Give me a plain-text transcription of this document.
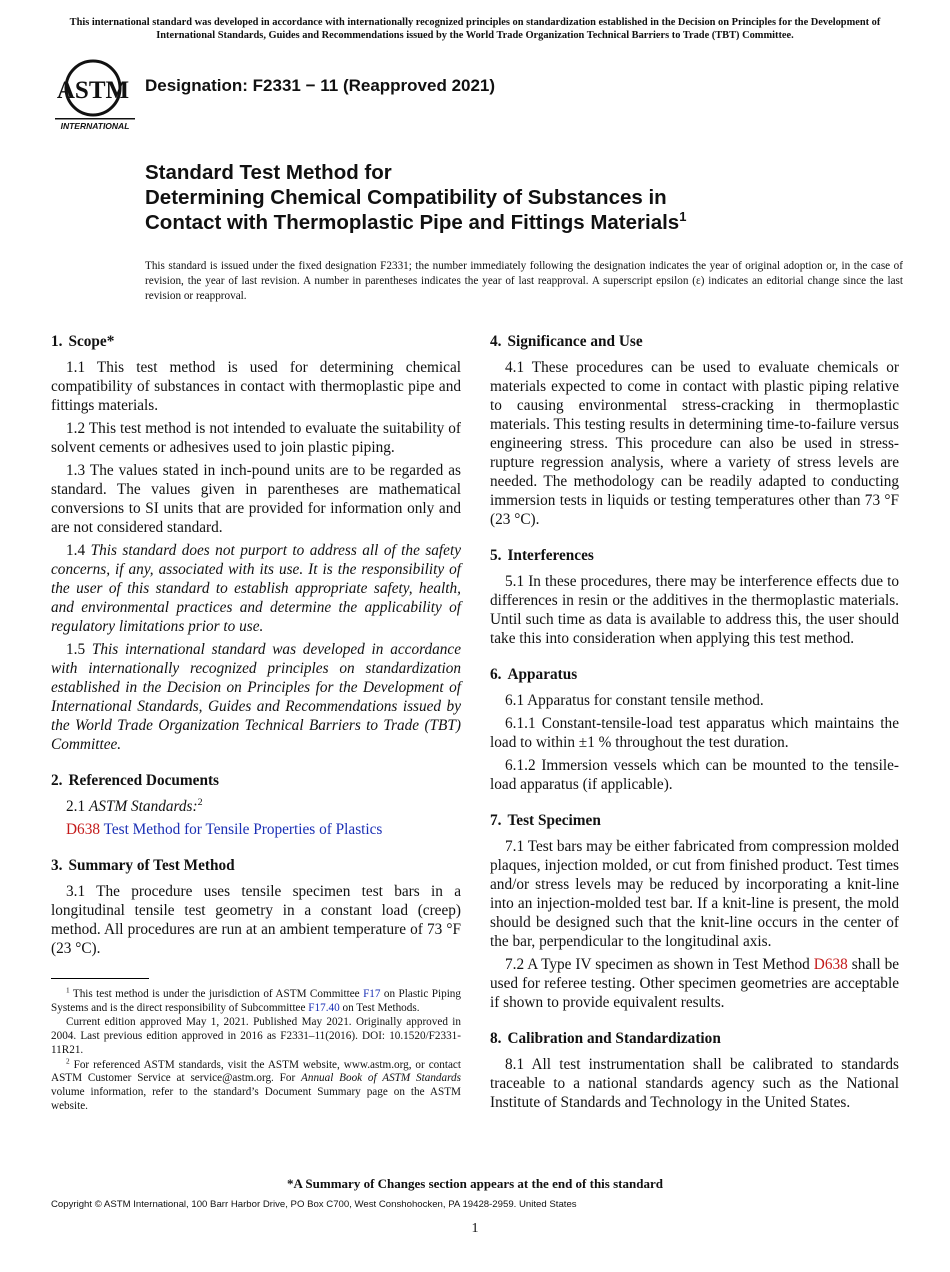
This international standard was developed in accordance with internationally recognized principles on standardization established in the Decision on Principles for the Development of International Standards, Guides and Recommendations issued by the World Trade Organization Technical Barriers to Trade (TBT) Committee.
ASTM
INTERNATIONAL
Designation: F2331 − 11 (Reapproved 2021)
Standard Test Method for
Determining Chemical Compatibility of Substances in
Contact with Thermoplastic Pipe and Fittings Materials$^1$
This standard is issued under the fixed designation F2331; the number immediately following the designation indicates the year of original adoption or, in the case of revision, the year of last revision. A number in parentheses indicates the year of last reapproval. A superscript epsilon (ε) indicates an editorial change since the last revision or reapproval.
1. Scope*

1.1 This test method is used for determining chemical compatibility of substances in contact with thermoplastic pipe and fittings materials.

1.2 This test method is not intended to evaluate the suitability of solvent cements or adhesives used to join plastic piping.

1.3 The values stated in inch-pound units are to be regarded as standard. The values given in parentheses are mathematical conversions to SI units that are provided for information only and are not considered standard.

1.4 This standard does not purport to address all of the safety concerns, if any, associated with its use. It is the responsibility of the user of this standard to establish appropriate safety, health, and environmental practices and determine the applicability of regulatory limitations prior to use.

1.5 This international standard was developed in accordance with internationally recognized principles on standardization established in the Decision on Principles for the Development of International Standards, Guides and Recommendations issued by the World Trade Organization Technical Barriers to Trade (TBT) Committee.

2. Referenced Documents

2.1 ASTM Standards:$^2$

D638 Test Method for Tensile Properties of Plastics

3. Summary of Test Method

3.1 The procedure uses tensile specimen test bars in a longitudinal tensile test geometry in a constant load (creep) method. All procedures are run at an ambient temperature of 73 °F (23 °C).

$^1$ This test method is under the jurisdiction of ASTM Committee F17 on Plastic Piping Systems and is the direct responsibility of Subcommittee F17.40 on Test Methods.

Current edition approved May 1, 2021. Published May 2021. Originally approved in 2004. Last previous edition approved in 2016 as F2331–11(2016). DOI: 10.1520/F2331-11R21.

$^2$ For referenced ASTM standards, visit the ASTM website, www.astm.org, or contact ASTM Customer Service at service@astm.org. For Annual Book of ASTM Standards volume information, refer to the standard’s Document Summary page on the ASTM website.

4. Significance and Use

4.1 These procedures can be used to evaluate chemicals or materials expected to come in contact with plastic piping relative to causing environmental stress-cracking in thermoplastic materials. This testing results in determining time-to-failure versus engineering stress. This procedure can also be used in stress-rupture regression analysis, where a variety of stress levels are needed. The methodology can be readily adapted to conducting immersion tests in liquids or testing temperatures other than 73 °F (23 °C).

5. Interferences

5.1 In these procedures, there may be interference effects due to differences in resin or the additives in the thermoplastic materials. Until such time as data is available to address this, the user should take this into consideration when applying this test method.

6. Apparatus

6.1 Apparatus for constant tensile method.

6.1.1 Constant-tensile-load test apparatus which maintains the load to within ±1 % throughout the test duration.

6.1.2 Immersion vessels which can be mounted to the tensile-load apparatus (if applicable).

7. Test Specimen

7.1 Test bars may be either fabricated from compression molded plaques, injection molded, or cut from finished product. Test times and/or stress levels may be reduced by incorporating a knit-line into an injection-molded test bar. If a knit-line is present, the mold should be designed such that the knit-line occurs in the center of the bar, perpendicular to the longitudinal axis.

7.2 A Type IV specimen as shown in Test Method D638 shall be used for referee testing. Other specimen geometries are acceptable if shown to provide equivalent results.

8. Calibration and Standardization

8.1 All test instrumentation shall be calibrated to standards traceable to a national standards agency such as the National Institute of Standards and Technology in the United States.

*A Summary of Changes section appears at the end of this standard
Copyright © ASTM International, 100 Barr Harbor Drive, PO Box C700, West Conshohocken, PA 19428-2959. United States
1
